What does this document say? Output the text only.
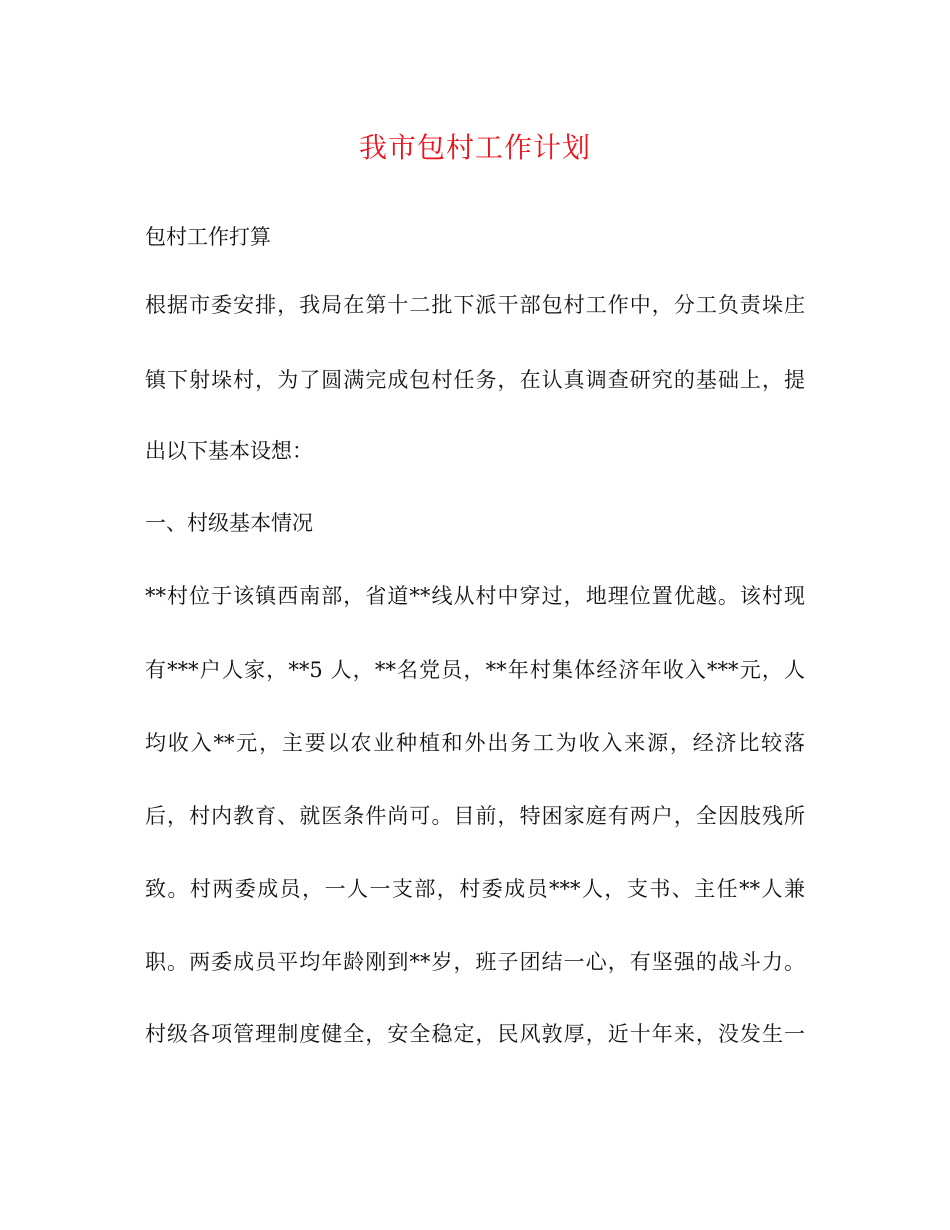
我市包村工作计划

包村工作打算

根据市委安排，我局在第十二批下派干部包村工作中，分工负责垛庄

镇下射垛村，为了圆满完成包村任务，在认真调查研究的基础上，提

出以下基本设想：

一、村级基本情况

**村位于该镇西南部，省道**线从村中穿过，地理位置优越。该村现

有***户人家，**5 人，**名党员，**年村集体经济年收入***元，人

均收入**元，主要以农业种植和外出务工为收入来源，经济比较落

后，村内教育、就医条件尚可。目前，特困家庭有两户，全因肢残所

致。村两委成员，一人一支部，村委成员***人，支书、主任**人兼

职。两委成员平均年龄刚到**岁，班子团结一心，有坚强的战斗力。

村级各项管理制度健全，安全稳定，民风敦厚，近十年来，没发生一
